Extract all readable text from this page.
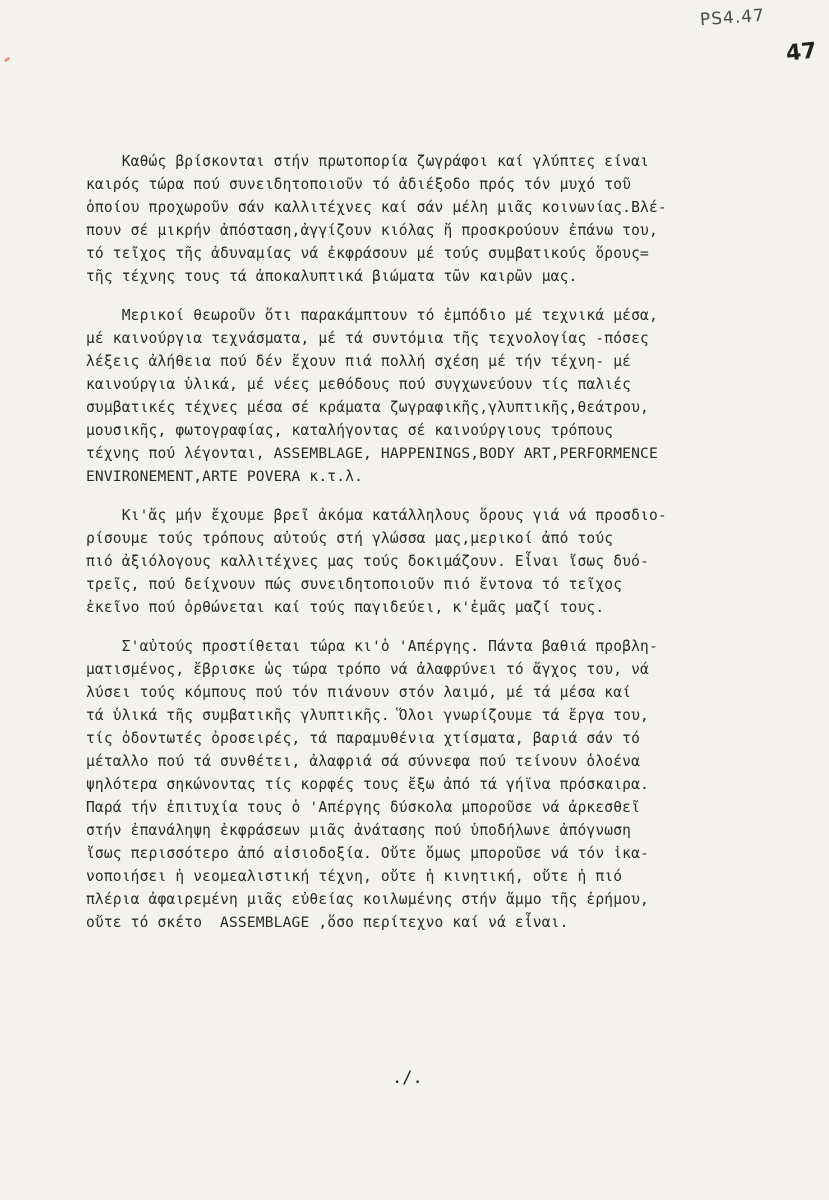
PS4.47
47
Καθώς βρίσκονται στήν πρωτοπορία ζωγράφοι καί γλύπτες είναι
καιρός τώρα πού συνειδητοποιοῦν τό ἀδιέξοδο πρός τόν μυχό τοῦ
ὁποίου προχωροῦν σάν καλλιτέχνες καί σάν μέλη μιᾶς κοινωνίας.Βλέ-
πουν σέ μικρήν ἀπόσταση,ἀγγίζουν κιόλας ἤ προσκρούουν ἐπάνω του,
τό τεῖχος τῆς ἀδυναμίας νά ἐκφράσουν μέ τούς συμβατικούς ὅρους=
τῆς τέχνης τους τά ἀποκαλυπτικά βιώματα τῶν καιρῶν μας.
Μερικοί θεωροῦν ὅτι παρακάμπτουν τό ἐμπόδιο μέ τεχνικά μέσα,
μέ καινούργια τεχνάσματα, μέ τά συντόμια τῆς τεχνολογίας -πόσες
λέξεις ἀλήθεια πού δέν ἔχουν πιά πολλή σχέση μέ τήν τέχνη- μέ
καινούργια ὑλικά, μέ νέες μεθόδους πού συγχωνεύουν τίς παλιές
συμβατικές τέχνες μέσα σέ κράματα ζωγραφικῆς,γλυπτικῆς,θεάτρου,
μουσικῆς, φωτογραφίας, καταλήγοντας σέ καινούργιους τρόπους
τέχνης πού λέγονται, ASSEMBLAGE, HAPPENINGS,BODY ART,PERFORMENCE
ENVIRONEMENT,ARTE POVERA κ.τ.λ.
Κι'ἄς μήν ἔχουμε βρεῖ ἀκόμα κατάλληλους ὅρους γιά νά προσδιο-
ρίσουμε τούς τρόπους αὐτούς στή γλώσσα μας,μερικοί ἀπό τούς
πιό ἀξιόλογους καλλιτέχνες μας τούς δοκιμάζουν. Εἶναι ἴσως δυό-
τρεῖς, πού δείχνουν πώς συνειδητοποιοῦν πιό ἔντονα τό τεῖχος
ἐκεῖνο πού ὀρθώνεται καί τούς παγιδεύει, κ'ἐμᾶς μαζί τους.
Σ'αὐτούς προστίθεται τώρα κι'ὁ 'Απέργης. Πάντα βαθιά προβλη-
ματισμένος, ἔβρισκε ὡς τώρα τρόπο νά ἀλαφρύνει τό ἄγχος του, νά
λύσει τούς κόμπους πού τόν πιάνουν στόν λαιμό, μέ τά μέσα καί
τά ὑλικά τῆς συμβατικῆς γλυπτικῆς. Ὅλοι γνωρίζουμε τά ἔργα του,
τίς ὀδοντωτές ὀροσειρές, τά παραμυθένια χτίσματα, βαριά σάν τό
μέταλλο πού τά συνθέτει, ἀλαφριά σά σύννεφα πού τείνουν ὁλοένα
ψηλότερα σηκώνοντας τίς κορφές τους ἔξω ἀπό τά γήϊνα πρόσκαιρα.
Παρά τήν ἐπιτυχία τους ὁ 'Απέργης δύσκολα μποροῦσε νά ἀρκεσθεῖ
στήν ἐπανάληψη ἐκφράσεων μιᾶς ἀνάτασης πού ὑποδήλωνε ἀπόγνωση
ἴσως περισσότερο ἀπό αἰσιοδοξία. Οὔτε ὅμως μποροῦσε νά τόν ἱκα-
νοποιήσει ἡ νεομεαλιστική τέχνη, οὔτε ἡ κινητική, οὔτε ἡ πιό
πλέρια ἀφαιρεμένη μιᾶς εὐθείας κοιλωμένης στήν ἄμμο τῆς ἐρήμου,
οὔτε τό σκέτο  ASSEMBLAGE ,ὅσο περίτεχνο καί νά εἶναι.
./.
